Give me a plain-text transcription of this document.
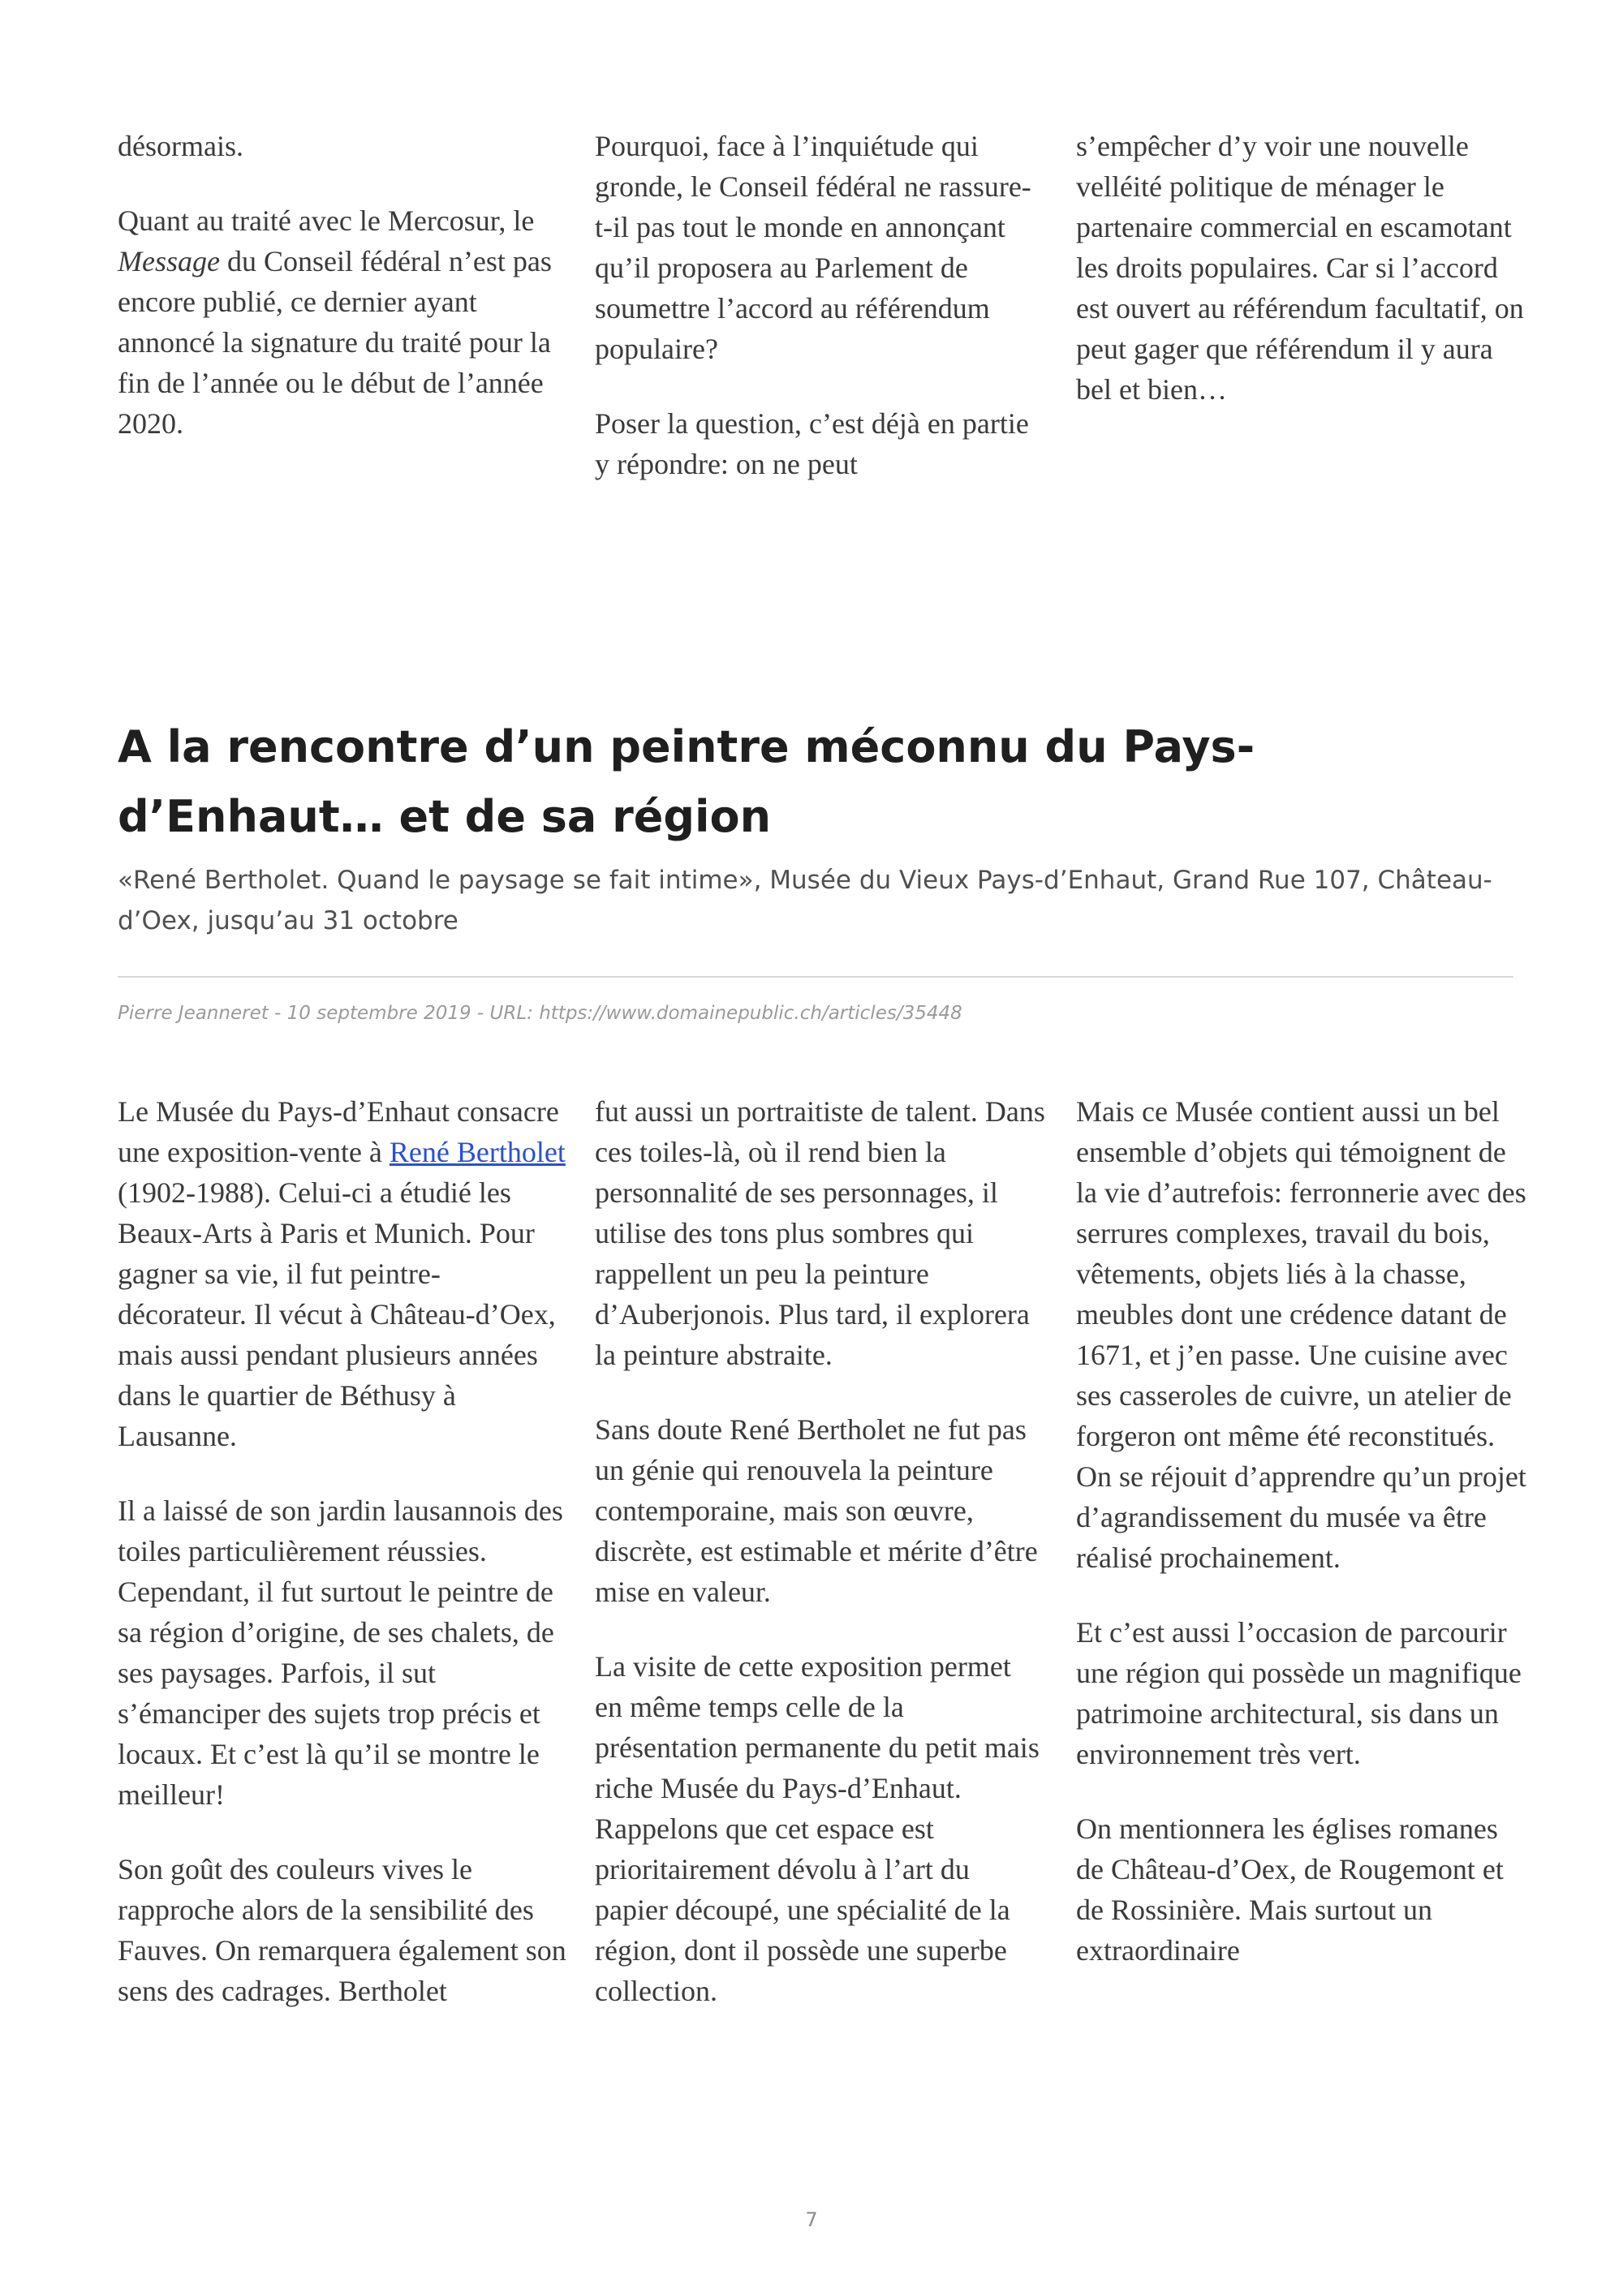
désormais.

Quant au traité avec le Mercosur, le Message du Conseil fédéral n’est pas encore publié, ce dernier ayant annoncé la signature du traité pour la fin de l’année ou le début de l’année 2020.

Pourquoi, face à l’inquiétude qui gronde, le Conseil fédéral ne rassure-t-il pas tout le monde en annonçant qu’il proposera au Parlement de soumettre l’accord au référendum populaire?

Poser la question, c’est déjà en partie y répondre: on ne peut

s’empêcher d’y voir une nouvelle velléité politique de ménager le partenaire commercial en escamotant les droits populaires. Car si l’accord est ouvert au référendum facultatif, on peut gager que référendum il y aura bel et bien…

A la rencontre d’un peintre méconnu du Pays-d’Enhaut… et de sa région

«René Bertholet. Quand le paysage se fait intime», Musée du Vieux Pays-d’Enhaut, Grand Rue 107, Château-d’Oex, jusqu’au 31 octobre

Pierre Jeanneret - 10 septembre 2019 - URL: https://www.domainepublic.ch/articles/35448

Le Musée du Pays-d’Enhaut consacre une exposition-vente à René Bertholet (1902-1988). Celui-ci a étudié les Beaux-Arts à Paris et Munich. Pour gagner sa vie, il fut peintre-décorateur. Il vécut à Château-d’Oex, mais aussi pendant plusieurs années dans le quartier de Béthusy à Lausanne.

Il a laissé de son jardin lausannois des toiles particulièrement réussies. Cependant, il fut surtout le peintre de sa région d’origine, de ses chalets, de ses paysages. Parfois, il sut s’émanciper des sujets trop précis et locaux. Et c’est là qu’il se montre le meilleur!

Son goût des couleurs vives le rapproche alors de la sensibilité des Fauves. On remarquera également son sens des cadrages. Bertholet

fut aussi un portraitiste de talent. Dans ces toiles-là, où il rend bien la personnalité de ses personnages, il utilise des tons plus sombres qui rappellent un peu la peinture d’Auberjonois. Plus tard, il explorera la peinture abstraite.

Sans doute René Bertholet ne fut pas un génie qui renouvela la peinture contemporaine, mais son œuvre, discrète, est estimable et mérite d’être mise en valeur.

La visite de cette exposition permet en même temps celle de la présentation permanente du petit mais riche Musée du Pays-d’Enhaut. Rappelons que cet espace est prioritairement dévolu à l’art du papier découpé, une spécialité de la région, dont il possède une superbe collection.

Mais ce Musée contient aussi un bel ensemble d’objets qui témoignent de la vie d’autrefois: ferronnerie avec des serrures complexes, travail du bois, vêtements, objets liés à la chasse, meubles dont une crédence datant de 1671, et j’en passe. Une cuisine avec ses casseroles de cuivre, un atelier de forgeron ont même été reconstitués. On se réjouit d’apprendre qu’un projet d’agrandissement du musée va être réalisé prochainement.

Et c’est aussi l’occasion de parcourir une région qui possède un magnifique patrimoine architectural, sis dans un environnement très vert.

On mentionnera les églises romanes de Château-d’Oex, de Rougemont et de Rossinière. Mais surtout un extraordinaire

7
